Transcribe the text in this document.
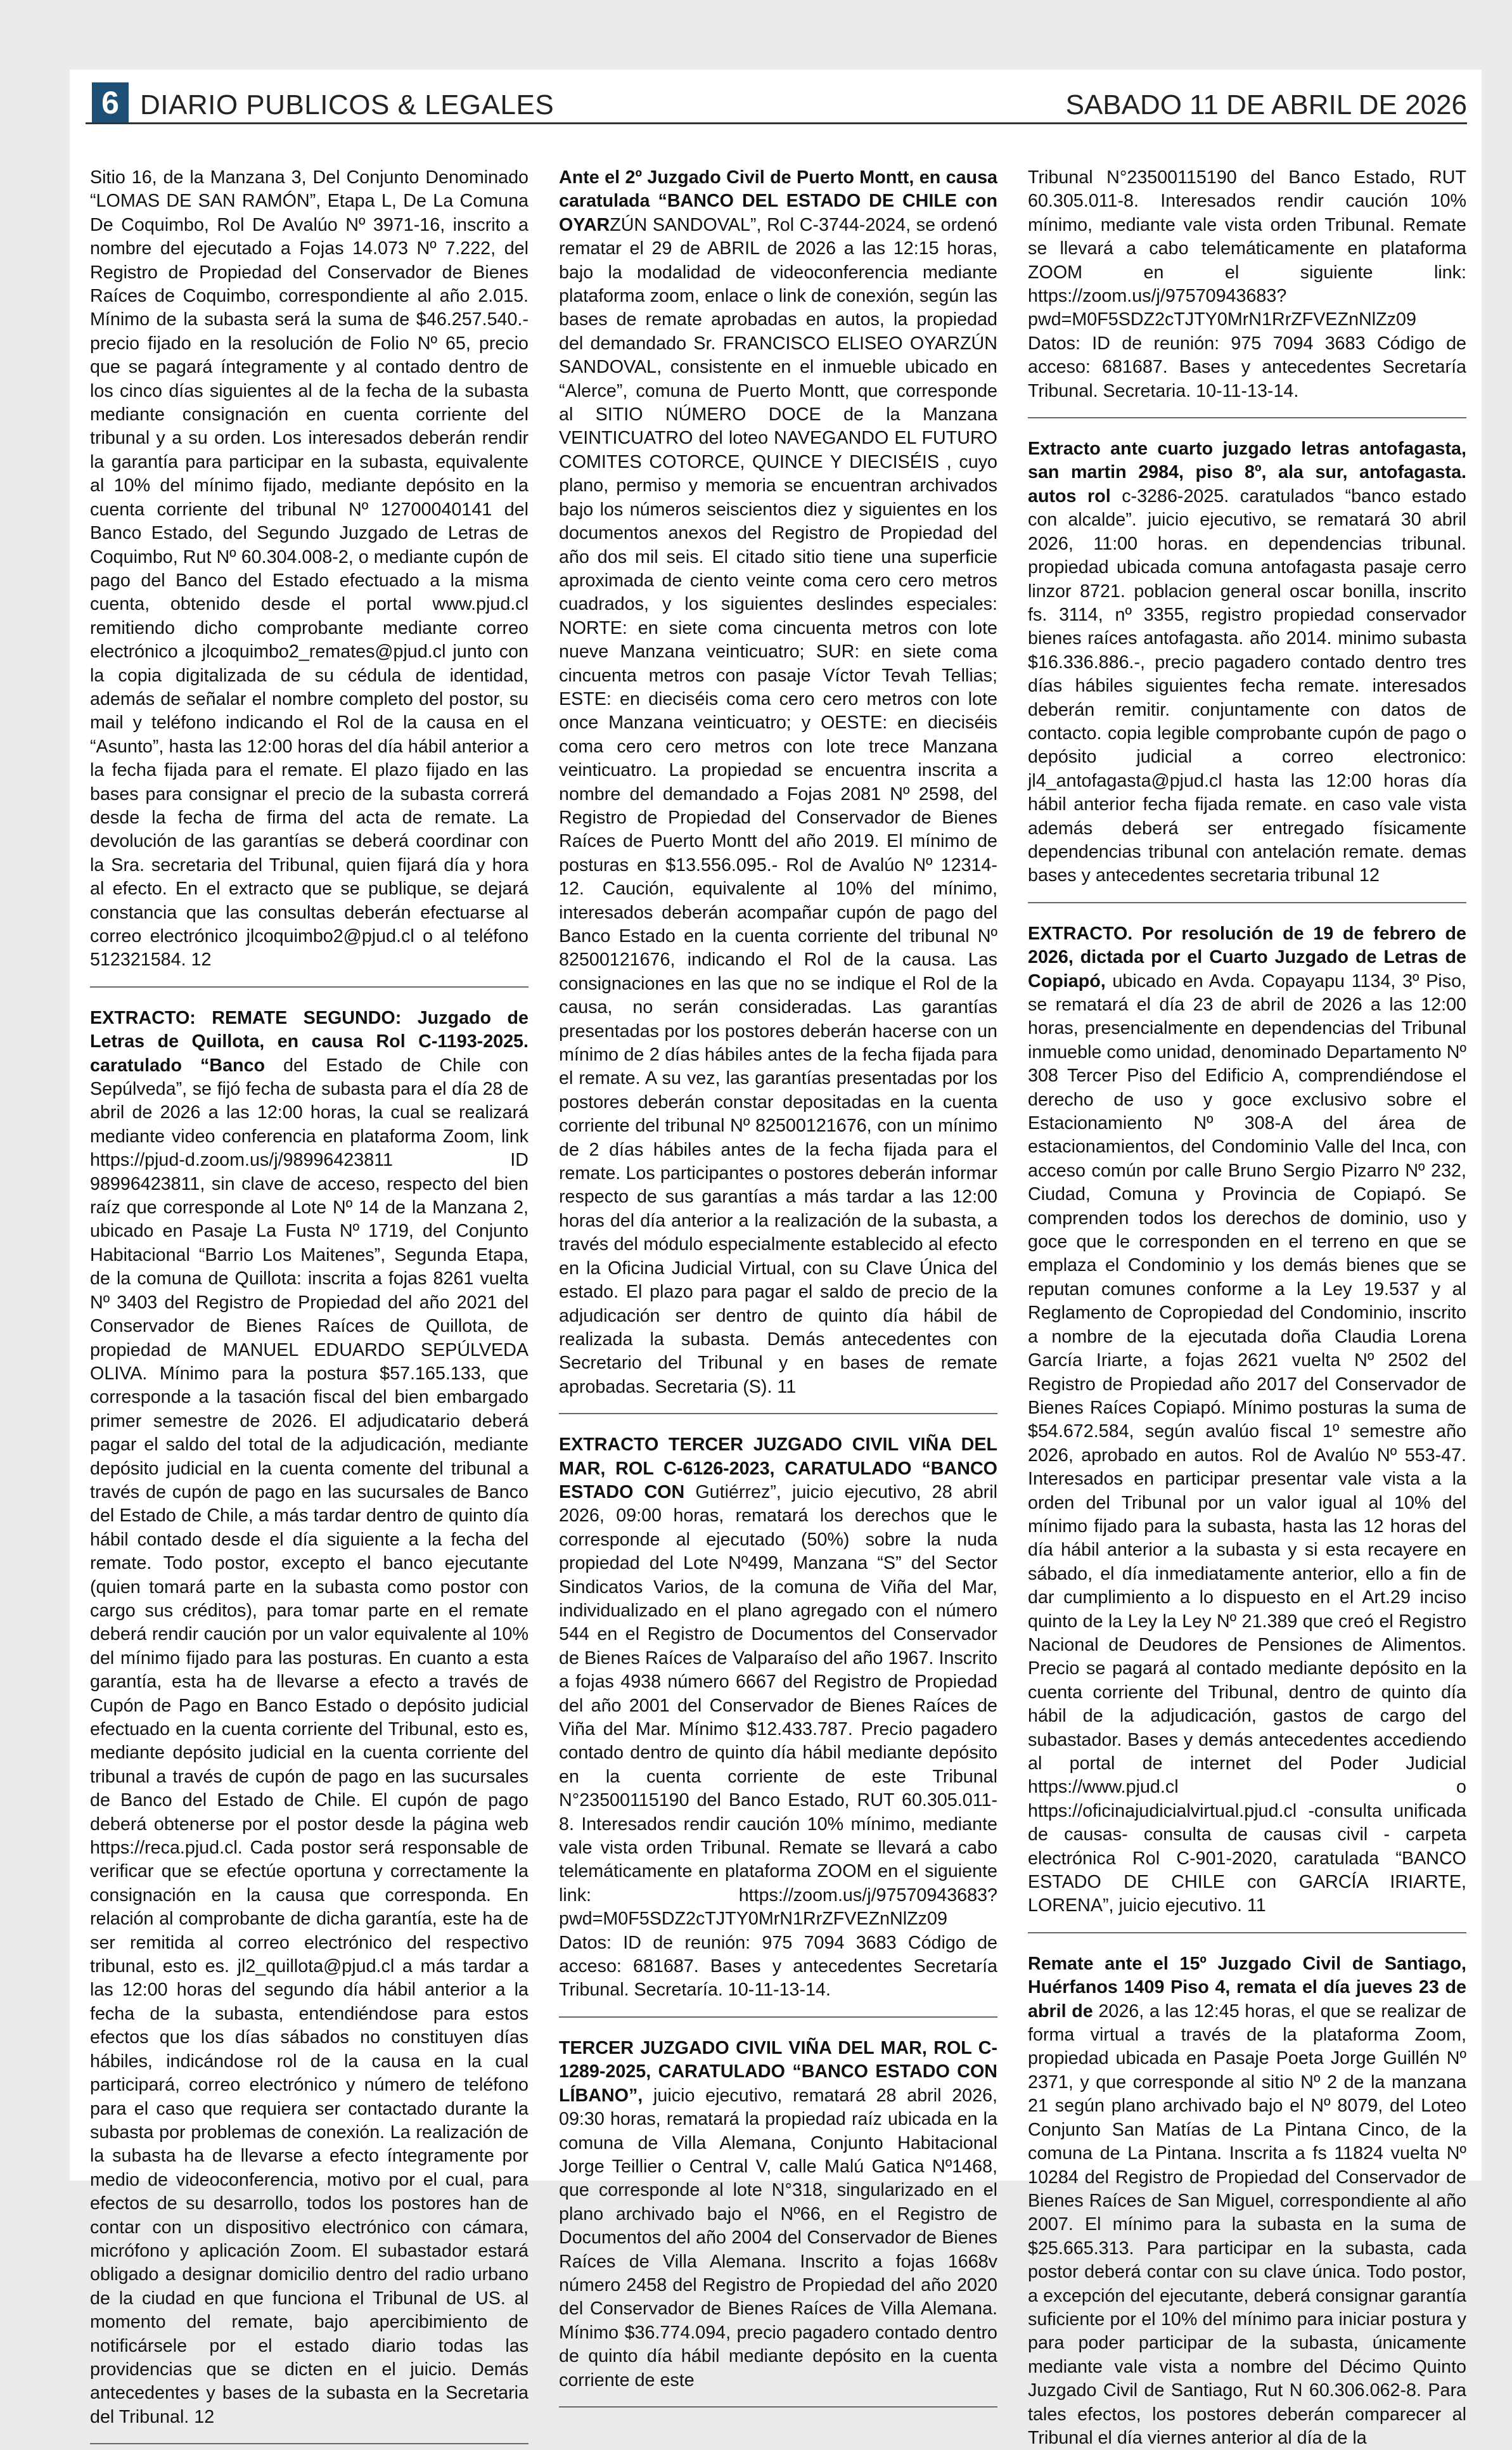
6 DIARIO PUBLICOS & LEGALES	SABADO 11 DE ABRIL DE 2026

Sitio 16, de la Manzana 3, Del Conjunto Denominado “LOMAS DE SAN RAMÓN”, Etapa L, De La Comuna De Coquimbo, Rol De Avalúo Nº 3971-16, inscrito a nombre del ejecutado a Fojas 14.073 Nº 7.222, del Registro de Propiedad del Conservador de Bienes Raíces de Coquimbo, correspondiente al año 2.015. Mínimo de la subasta será la suma de $46.257.540.-precio fijado en la resolución de Folio Nº 65, precio que se pagará íntegramente y al contado dentro de los cinco días siguientes al de la fecha de la subasta mediante consignación en cuenta corriente del tribunal y a su orden. Los interesados deberán rendir la garantía para participar en la subasta, equivalente al 10% del mínimo fijado, mediante depósito en la cuenta corriente del tribunal Nº 12700040141 del Banco Estado, del Segundo Juzgado de Letras de Coquimbo, Rut Nº 60.304.008-2, o mediante cupón de pago del Banco del Estado efectuado a la misma cuenta, obtenido desde el portal www.pjud.cl remitiendo dicho comprobante mediante correo electrónico a jlcoquimbo2_remates@pjud.cl junto con la copia digitalizada de su cédula de identidad, además de señalar el nombre completo del postor, su mail y teléfono indicando el Rol de la causa en el “Asunto”, hasta las 12:00 horas del día hábil anterior a la fecha fijada para el remate. El plazo fijado en las bases para consignar el precio de la subasta correrá desde la fecha de firma del acta de remate. La devolución de las garantías se deberá coordinar con la Sra. secretaria del Tribunal, quien fijará día y hora al efecto. En el extracto que se publique, se dejará constancia que las consultas deberán efectuarse al correo electrónico jlcoquimbo2@pjud.cl o al teléfono 512321584. 12

EXTRACTO: REMATE SEGUNDO: Juzgado de Letras de Quillota, en causa Rol C-1193-2025. caratulado “Banco del Estado de Chile con Sepúlveda”, se fijó fecha de subasta para el día 28 de abril de 2026 a las 12:00 horas, la cual se realizará mediante video conferencia en plataforma Zoom, link https://pjud-d.zoom.us/j/98996423811 ID 98996423811, sin clave de acceso, respecto del bien raíz que corresponde al Lote Nº 14 de la Manzana 2, ubicado en Pasaje La Fusta Nº 1719, del Conjunto Habitacional “Barrio Los Maitenes”, Segunda Etapa, de la comuna de Quillota: inscrita a fojas 8261 vuelta Nº 3403 del Registro de Propiedad del año 2021 del Conservador de Bienes Raíces de Quillota, de propiedad de MANUEL EDUARDO SEPÚLVEDA OLIVA. Mínimo para la postura $57.165.133, que corresponde a la tasación fiscal del bien embargado primer semestre de 2026. El adjudicatario deberá pagar el saldo del total de la adjudicación, mediante depósito judicial en la cuenta comente del tribunal a través de cupón de pago en las sucursales de Banco del Estado de Chile, a más tardar dentro de quinto día hábil contado desde el día siguiente a la fecha del remate. Todo postor, excepto el banco ejecutante (quien tomará parte en la subasta como postor con cargo sus créditos), para tomar parte en el remate deberá rendir caución por un valor equivalente al 10% del mínimo fijado para las posturas. En cuanto a esta garantía, esta ha de llevarse a efecto a través de Cupón de Pago en Banco Estado o depósito judicial efectuado en la cuenta corriente del Tribunal, esto es, mediante depósito judicial en la cuenta corriente del tribunal a través de cupón de pago en las sucursales de Banco del Estado de Chile. El cupón de pago deberá obtenerse por el postor desde la página web https://reca.pjud.cl. Cada postor será responsable de verificar que se efectúe oportuna y correctamente la consignación en la causa que corresponda. En relación al comprobante de dicha garantía, este ha de ser remitida al correo electrónico del respectivo tribunal, esto es. jl2_quillota@pjud.cl a más tardar a las 12:00 horas del segundo día hábil anterior a la fecha de la subasta, entendiéndose para estos efectos que los días sábados no constituyen días hábiles, indicándose rol de la causa en la cual participará, correo electrónico y número de teléfono para el caso que requiera ser contactado durante la subasta por problemas de conexión. La realización de la subasta ha de llevarse a efecto íntegramente por medio de videoconferencia, motivo por el cual, para efectos de su desarrollo, todos los postores han de contar con un dispositivo electrónico con cámara, micrófono y aplicación Zoom. El subastador estará obligado a designar domicilio dentro del radio urbano de la ciudad en que funciona el Tribunal de US. al momento del remate, bajo apercibimiento de notificársele por el estado diario todas las providencias que se dicten en el juicio. Demás antecedentes y bases de la subasta en la Secretaria del Tribunal. 12

Ante el 2º Juzgado Civil de Puerto Montt, en causa caratulada “BANCO DEL ESTADO DE CHILE con OYARZÚN SANDOVAL”, Rol C-3744-2024, se ordenó rematar el 29 de ABRIL de 2026 a las 12:15 horas, bajo la modalidad de videoconferencia mediante plataforma zoom, enlace o link de conexión, según las bases de remate aprobadas en autos, la propiedad del demandado Sr. FRANCISCO ELISEO OYARZÚN SANDOVAL, consistente en el inmueble ubicado en “Alerce”, comuna de Puerto Montt, que corresponde al SITIO NÚMERO DOCE de la Manzana VEINTICUATRO del loteo NAVEGANDO EL FUTURO COMITES COTORCE, QUINCE Y DIECISÉIS , cuyo plano, permiso y memoria se encuentran archivados bajo los números seiscientos diez y siguientes en los documentos anexos del Registro de Propiedad del año dos mil seis. El citado sitio tiene una superficie aproximada de ciento veinte coma cero cero metros cuadrados, y los siguientes deslindes especiales: NORTE: en siete coma cincuenta metros con lote nueve Manzana veinticuatro; SUR: en siete coma cincuenta metros con pasaje Víctor Tevah Tellias; ESTE: en dieciséis coma cero cero metros con lote once Manzana veinticuatro; y OESTE: en dieciséis coma cero cero metros con lote trece Manzana veinticuatro. La propiedad se encuentra inscrita a nombre del demandado a Fojas 2081 Nº 2598, del Registro de Propiedad del Conservador de Bienes Raíces de Puerto Montt del año 2019. El mínimo de posturas en $13.556.095.- Rol de Avalúo Nº 12314-12. Caución, equivalente al 10% del mínimo, interesados deberán acompañar cupón de pago del Banco Estado en la cuenta corriente del tribunal Nº 82500121676, indicando el Rol de la causa. Las consignaciones en las que no se indique el Rol de la causa, no serán consideradas. Las garantías presentadas por los postores deberán hacerse con un mínimo de 2 días hábiles antes de la fecha fijada para el remate. A su vez, las garantías presentadas por los postores deberán constar depositadas en la cuenta corriente del tribunal Nº 82500121676, con un mínimo de 2 días hábiles antes de la fecha fijada para el remate. Los participantes o postores deberán informar respecto de sus garantías a más tardar a las 12:00 horas del día anterior a la realización de la subasta, a través del módulo especialmente establecido al efecto en la Oficina Judicial Virtual, con su Clave Única del estado. El plazo para pagar el saldo de precio de la adjudicación ser dentro de quinto día hábil de realizada la subasta. Demás antecedentes con Secretario del Tribunal y en bases de remate aprobadas. Secretaria (S). 11

EXTRACTO TERCER JUZGADO CIVIL VIÑA DEL MAR, ROL C-6126-2023, CARATULADO “BANCO ESTADO CON Gutiérrez”, juicio ejecutivo, 28 abril 2026, 09:00 horas, rematará los derechos que le corresponde al ejecutado (50%) sobre la nuda propiedad del Lote Nº499, Manzana “S” del Sector Sindicatos Varios, de la comuna de Viña del Mar, individualizado en el plano agregado con el número 544 en el Registro de Documentos del Conservador de Bienes Raíces de Valparaíso del año 1967. Inscrito a fojas 4938 número 6667 del Registro de Propiedad del año 2001 del Conservador de Bienes Raíces de Viña del Mar. Mínimo $12.433.787. Precio pagadero contado dentro de quinto día hábil mediante depósito en la cuenta corriente de este Tribunal N°23500115190 del Banco Estado, RUT 60.305.011-8. Interesados rendir caución 10% mínimo, mediante vale vista orden Tribunal. Remate se llevará a cabo telemáticamente en plataforma ZOOM en el siguiente link: https://zoom.us/j/97570943683?pwd=M0F5SDZ2cTJTY0MrN1RrZFVEZnNlZz09 Datos: ID de reunión: 975 7094 3683 Código de acceso: 681687. Bases y antecedentes Secretaría Tribunal. Secretaría. 10-11-13-14.

TERCER JUZGADO CIVIL VIÑA DEL MAR, ROL C-1289-2025, CARATULADO “BANCO ESTADO CON LÍBANO”, juicio ejecutivo, rematará 28 abril 2026, 09:30 horas, rematará la propiedad raíz ubicada en la comuna de Villa Alemana, Conjunto Habitacional Jorge Teillier o Central V, calle Malú Gatica Nº1468, que corresponde al lote N°318, singularizado en el plano archivado bajo el Nº66, en el Registro de Documentos del año 2004 del Conservador de Bienes Raíces de Villa Alemana. Inscrito a fojas 1668v número 2458 del Registro de Propiedad del año 2020 del Conservador de Bienes Raíces de Villa Alemana. Mínimo $36.774.094, precio pagadero contado dentro de quinto día hábil mediante depósito en la cuenta corriente de este

Tribunal N°23500115190 del Banco Estado, RUT 60.305.011-8. Interesados rendir caución 10% mínimo, mediante vale vista orden Tribunal. Remate se llevará a cabo telemáticamente en plataforma ZOOM en el siguiente link: https://zoom.us/j/97570943683?pwd=M0F5SDZ2cTJTY0MrN1RrZFVEZnNlZz09 Datos: ID de reunión: 975 7094 3683 Código de acceso: 681687. Bases y antecedentes Secretaría Tribunal. Secretaria. 10-11-13-14.

Extracto ante cuarto juzgado letras antofagasta, san martin 2984, piso 8º, ala sur, antofagasta. autos rol c-3286-2025. caratulados “banco estado con alcalde”. juicio ejecutivo, se rematará 30 abril 2026, 11:00 horas. en dependencias tribunal. propiedad ubicada comuna antofagasta pasaje cerro linzor 8721. poblacion general oscar bonilla, inscrito fs. 3114, nº 3355, registro propiedad conservador bienes raíces antofagasta. año 2014. minimo subasta $16.336.886.-, precio pagadero contado dentro tres días hábiles siguientes fecha remate. interesados deberán remitir. conjuntamente con datos de contacto. copia legible comprobante cupón de pago o depósito judicial a correo electronico: jl4_antofagasta@pjud.cl hasta las 12:00 horas día hábil anterior fecha fijada remate. en caso vale vista además deberá ser entregado físicamente dependencias tribunal con antelación remate. demas bases y antecedentes secretaria tribunal 12

EXTRACTO. Por resolución de 19 de febrero de 2026, dictada por el Cuarto Juzgado de Letras de Copiapó, ubicado en Avda. Copayapu 1134, 3º Piso, se rematará el día 23 de abril de 2026 a las 12:00 horas, presencialmente en dependencias del Tribunal inmueble como unidad, denominado Departamento Nº 308 Tercer Piso del Edificio A, comprendiéndose el derecho de uso y goce exclusivo sobre el Estacionamiento Nº 308-A del área de estacionamientos, del Condominio Valle del Inca, con acceso común por calle Bruno Sergio Pizarro Nº 232, Ciudad, Comuna y Provincia de Copiapó. Se comprenden todos los derechos de dominio, uso y goce que le corresponden en el terreno en que se emplaza el Condominio y los demás bienes que se reputan comunes conforme a la Ley 19.537 y al Reglamento de Copropiedad del Condominio, inscrito a nombre de la ejecutada doña Claudia Lorena García Iriarte, a fojas 2621 vuelta Nº 2502 del Registro de Propiedad año 2017 del Conservador de Bienes Raíces Copiapó. Mínimo posturas la suma de $54.672.584, según avalúo fiscal 1º semestre año 2026, aprobado en autos. Rol de Avalúo Nº 553-47. Interesados en participar presentar vale vista a la orden del Tribunal por un valor igual al 10% del mínimo fijado para la subasta, hasta las 12 horas del día hábil anterior a la subasta y si esta recayere en sábado, el día inmediatamente anterior, ello a fin de dar cumplimiento a lo dispuesto en el Art.29 inciso quinto de la Ley la Ley Nº 21.389 que creó el Registro Nacional de Deudores de Pensiones de Alimentos. Precio se pagará al contado mediante depósito en la cuenta corriente del Tribunal, dentro de quinto día hábil de la adjudicación, gastos de cargo del subastador. Bases y demás antecedentes accediendo al portal de internet del Poder Judicial https://www.pjud.cl o https://oficinajudicialvirtual.pjud.cl -consulta unificada de causas- consulta de causas civil - carpeta electrónica Rol C-901-2020, caratulada “BANCO ESTADO DE CHILE con GARCÍA IRIARTE, LORENA”, juicio ejecutivo. 11

Remate ante el 15º Juzgado Civil de Santiago, Huérfanos 1409 Piso 4, remata el día jueves 23 de abril de 2026, a las 12:45 horas, el que se realizar de forma virtual a través de la plataforma Zoom, propiedad ubicada en Pasaje Poeta Jorge Guillén Nº 2371, y que corresponde al sitio Nº 2 de la manzana 21 según plano archivado bajo el Nº 8079, del Loteo Conjunto San Matías de La Pintana Cinco, de la comuna de La Pintana. Inscrita a fs 11824 vuelta Nº 10284 del Registro de Propiedad del Conservador de Bienes Raíces de San Miguel, correspondiente al año 2007. El mínimo para la subasta en la suma de $25.665.313. Para participar en la subasta, cada postor deberá contar con su clave única. Todo postor, a excepción del ejecutante, deberá consignar garantía suficiente por el 10% del mínimo para iniciar postura y para poder participar de la subasta, únicamente mediante vale vista a nombre del Décimo Quinto Juzgado Civil de Santiago, Rut N 60.306.062-8. Para tales efectos, los postores deberán comparecer al Tribunal el día viernes anterior al día de la
